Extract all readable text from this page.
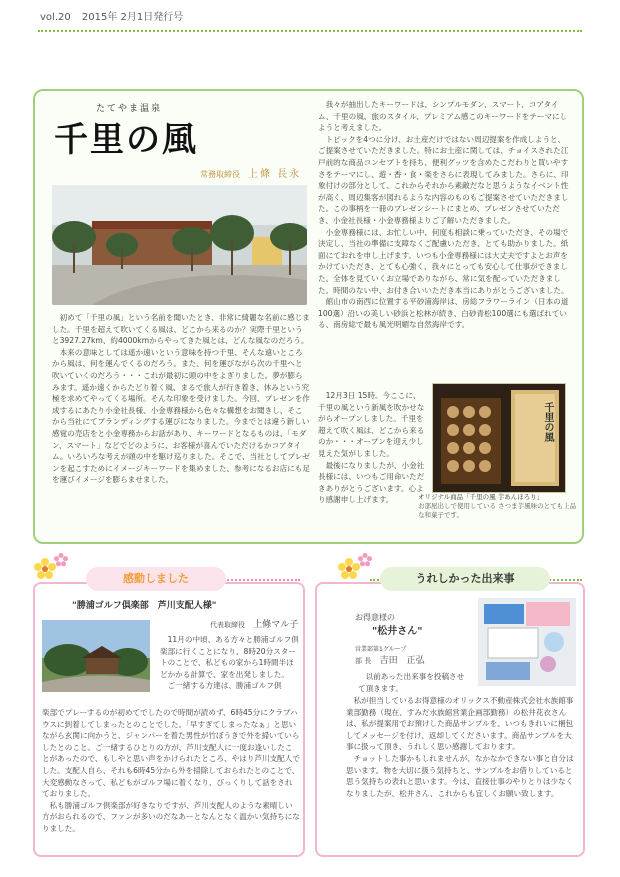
vol.20 2015年 2月1日発行号
たてやま温泉
千里の風
常務取締役 上條 長永

初めて「千里の風」という名前を聞いたとき、非常に綺麗な名前に感じました。千里を超えて吹いてくる風は、どこから来るのか？実際千里というと3927.27km、約4000kmからやってきた風とは、どんな風なのだろう。

本来の意味としては遥か遠いという意味を持つ千里、そんな遠いところから風は、何を運んでくるのだろう。また、何を運びながら次の千里へと吹いていくのだろう・・・これが最初に頭の中をよぎりました。夢が膨らみます。遥か遠くからたどり着く風、まるで旅人が行き着き、休みという究極を求めてやってくる場所。そんな印象を受けました。今回、プレゼンを作成するにあたり小金社長様、小金専務様から色々な構想をお聞きし、そこから当社にてブランディングする運びになりました。今までとは違う新しい感覚の売店をと小金専務からお話があり、キーワードとなるものは、「モダン、スマート」などでどのように、お客様が喜んでいただけるかコアタイム。いろいろな考えが頭の中を駆け巡りました。そこで、当社としてプレゼンを起こすためにイメージキーワードを集めました、参考になるお店にも足を運びイメージを膨らませました。

我々が抽出したキーワードは、シンプルモダン、スマート、コアタイム、千里の風、旅のスタイル、プレミアム感このキーワードをテーマにしようと考えました。

トピックを4つに分け、お土産だけではない周辺提案を作成しようと、ご提案させていただきました。特にお土産に関しては、チョイスされた江戸前的な商品コンセプトを持ち、便利グッツを含めたこだわりと買いやすさをテーマにし、遊・香・食・楽をさらに表現してみました。さらに、印象付けの部分として、これからそれから素敵だなと思うようなイベント性が高く、周辺集客が図れるような内容のものもご提案させていただきました。この事柄を一冊のプレゼンシートにまとめ、プレゼンさせていただき、小金社長様・小金専務様よりご了解いただきました。

小金専務様には、お忙しい中、何度も相談に乗っていただき、その場で決定し、当社の準備に支障なくご配慮いただき、とても助かりました。紙面にておれを申し上げます。いつも小金専務様には大丈夫ですよとお声をかけていただき、とても心強く、我々にとっても安心して仕事ができました。全体を見ていくお立場でありながら、常に気を配っていただきました。時間のない中、お付き合いいただき本当にありがとうございました。

館山市の南西に位置する平砂浦海岸は、房総フラワーライン（日本の道100選）沿いの美しい砂浜と松林が続き、白砂青松100選にも選ばれている、南房総で最も風光明媚な自然海岸です。

12月3日 15時。今ここに、千里の風という新風を吹かせながらオープンしました。千里を超えて吹く風は、どこから来るのか・・・オープンを迎え少し見えた気がしました。

最後になりましたが、小金社長様には、いつもご用命いただきありがとうございます。心より感謝申し上げます。

千里の風
オリジナル商品「千里の風 芋あんほろり」
お部屋出しで使用している さつま芋風味のとても上品な和菓子です。
感動しました
"勝浦ゴルフ倶楽部　芦川支配人様"
代表取締役 上條マル子
11月の中頃、ある方々と勝浦ゴルフ倶楽部に行くことになり、8時20分スタートのことで、私どもの家から1時間半ほどかかる計算で、家を出発しました。
ご一緒する方達は、勝浦ゴルフ倶
楽部でプレーするのが初めてでしたので時間が読めず、6時45分にクラブハウスに到着してしまったとのことでした。「早すぎてしまったなぁ」と思いながら玄関に向かうと、ジャンパーを着た男性が竹ぼうきで外を掃いていらしたとのこと。ご一緒するひとりの方が、芦川支配人に一度お逢いしたことがあったので、もしやと思い声をかけられたところ、やはり芦川支配人でした。支配人自ら、それも6時45分から外を掃除しておられたとのことで、大変感動なさって、私どもがゴルフ場に着くなり、びっくりして話をされておりました。
私も勝浦ゴルフ倶楽部が好きなりですが、芦川支配人のような素晴しい方がおられるので、ファンが多いのだなあーとなんとなく温かい気持ちになりました。
うれしかった出来事
お得意様の
"松井さん"
営業部第1グループ
部 長 吉田　正弘
以前あった出来事を投稿させて頂きます。
私が担当しているお得意様のオリックス不動産株式会社水族館事業部勤務（現在、すみだ水族館営業企画部勤務）の松井花衣さんは、私が提案用でお預けした商品サンプルを、いつもきれいに梱包してメッセージを付け、返却してくださいます。商品サンプルを大事に扱って頂き、うれしく思い感謝しております。
チョットした事かもしれませんが、なかなかできない事と自分は思います。物を大切に扱う気持ちと、サンプルをお借りしていると思う気持ちの表れと思います。今は、直接仕事のやりとりは少なくなりましたが、松井さん、これからも宜しくお願い致します。
